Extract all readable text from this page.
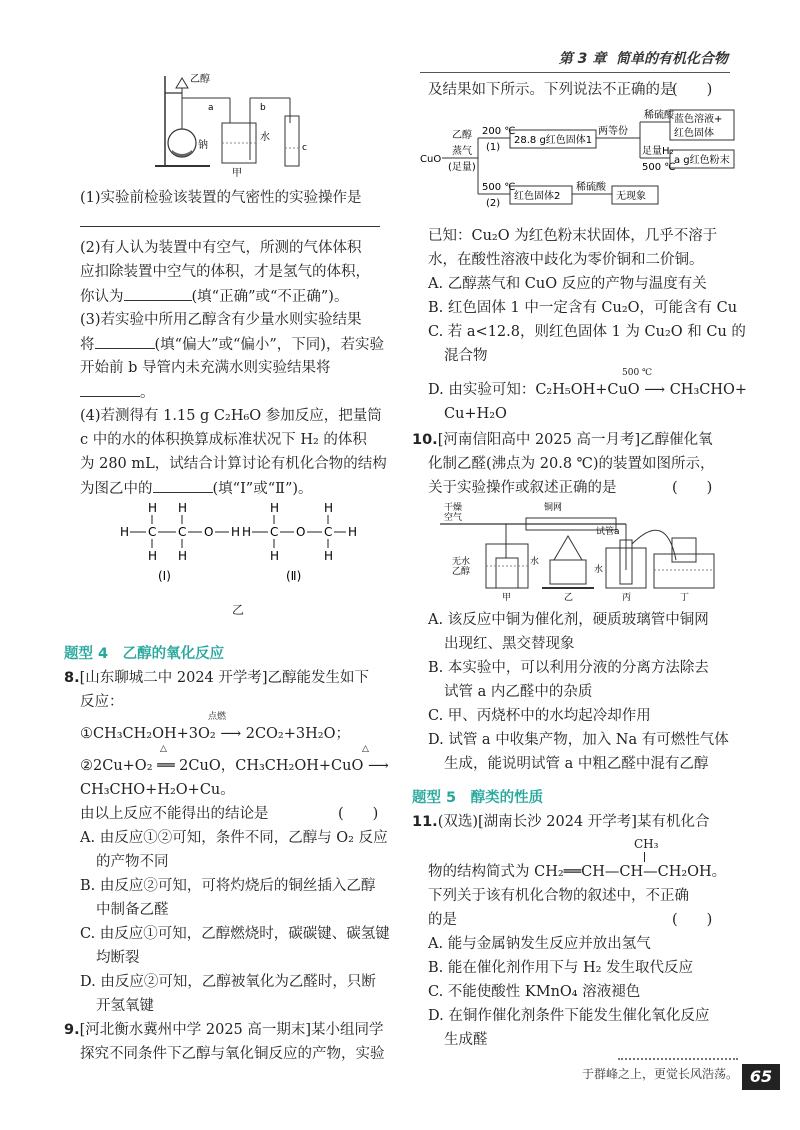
第 3 章 简单的有机化合物
乙醇
a	b
c
钠
水
甲
(1)实验前检验该装置的气密性的实验操作是
(2)有人认为装置中有空气，所测的气体体积
应扣除装置中空气的体积，才是氢气的体积，
你认为	(填“正确”或“不正确”)。
(3)若实验中所用乙醇含有少量水则实验结果
将	(填“偏大”或“偏小”，下同)，若实验
开始前 b 导管内未充满水则实验结果将
。
(4)若测得有 1.15 g C₂H₆O 参加反应，把量筒
c 中的水的体积换算成标准状况下 H₂ 的体积
为 280 mL，试结合计算讨论有机化合物的结构
为图乙中的	(填“Ⅰ”或“Ⅱ”)。
H H
H C C O H
H H
(Ⅰ)
H	H
H C O C H
H	H
(Ⅱ)
乙
题型 4　乙醇的氧化反应
8.[山东聊城二中 2024 开学考]乙醇能发生如下
反应：
①CH₃CH₂OH+3O₂ ⟶ 2CO₂+3H₂O；
点燃
②2Cu+O₂ ══ 2CuO，CH₃CH₂OH+CuO ⟶
△	△
CH₃CHO+H₂O+Cu。
由以上反应不能得出的结论是	(　　)
A. 由反应①②可知，条件不同，乙醇与 O₂ 反应
的产物不同
B. 由反应②可知，可将灼烧后的铜丝插入乙醇
中制备乙醛
C. 由反应①可知，乙醇燃烧时，碳碳键、碳氢键
均断裂
D. 由反应②可知，乙醇被氧化为乙醛时，只断
开氢氧键
9.[河北衡水冀州中学 2025 高一期末]某小组同学
探究不同条件下乙醇与氧化铜反应的产物，实验
及结果如下所示。下列说法不正确的是
(　　)
CuO
乙醇
蒸气
(足量)
200 ℃
(1)
28.8 g红色固体1
两等份
稀硫酸 蓝色溶液+
红色固体
足量H₂
500 ℃
a g红色粉末
500 ℃
(2)
红色固体2
稀硫酸
无现象
已知：Cu₂O 为红色粉末状固体，几乎不溶于
水，在酸性溶液中歧化为零价铜和二价铜。
A. 乙醇蒸气和 CuO 反应的产物与温度有关
B. 红色固体 1 中一定含有 Cu₂O，可能含有 Cu
C. 若 a<12.8，则红色固体 1 为 Cu₂O 和 Cu 的
混合物
D. 由实验可知：C₂H₅OH+CuO ⟶ CH₃CHO+
500 ℃
Cu+H₂O
10.[河南信阳高中 2025 高一月考]乙醇催化氧
化制乙醛(沸点为 20.8 ℃)的装置如图所示，
关于实验操作或叙述正确的是	(　　)
干燥
空气
无水
乙醇
水
铜网
试管a
水
甲	乙	丙	丁
A. 该反应中铜为催化剂，硬质玻璃管中铜网
出现红、黑交替现象
B. 本实验中，可以利用分液的分离方法除去
试管 a 内乙醛中的杂质
C. 甲、丙烧杯中的水均起冷却作用
D. 试管 a 中收集产物，加入 Na 有可燃性气体
生成，能说明试管 a 中粗乙醛中混有乙醇
题型 5　醇类的性质
11.(双选)[湖南长沙 2024 开学考]某有机化合
CH₃
物的结构简式为 CH₂══CH—CH—CH₂OH。
下列关于该有机化合物的叙述中，不正确
的是	(　　)
A. 能与金属钠发生反应并放出氢气
B. 能在催化剂作用下与 H₂ 发生取代反应
C. 不能使酸性 KMnO₄ 溶液褪色
D. 在铜作催化剂条件下能发生催化氧化反应
生成醛
于群峰之上，更觉长风浩荡。 65
